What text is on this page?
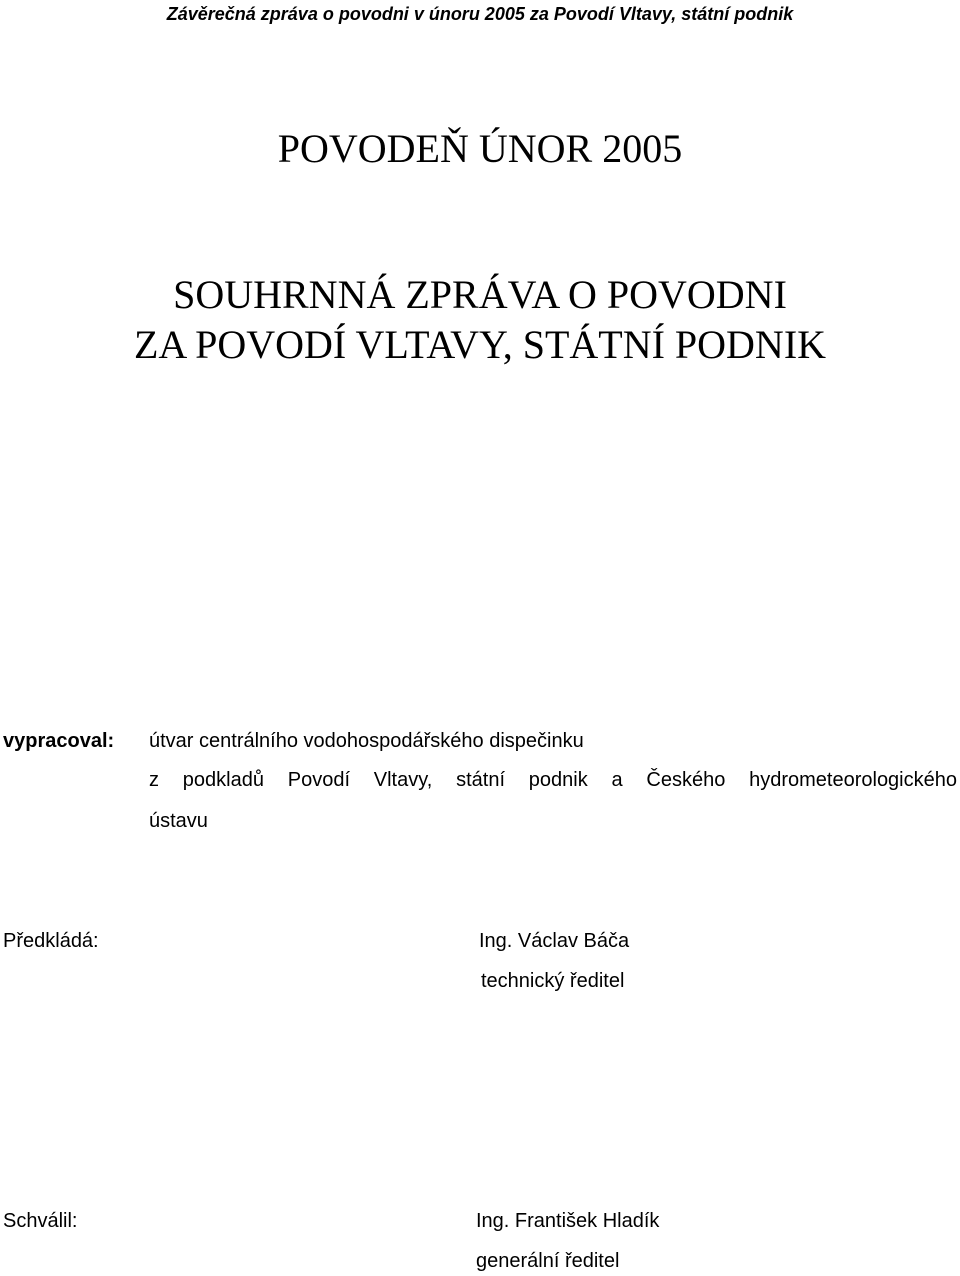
Závěrečná zpráva o povodni v únoru 2005 za Povodí Vltavy, státní podnik
POVODEŇ ÚNOR 2005
SOUHRNNÁ ZPRÁVA O POVODNI
ZA POVODÍ VLTAVY, STÁTNÍ PODNIK
vypracoval: útvar centrálního vodohospodářského dispečinku
z podkladů Povodí Vltavy, státní podnik a Českého hydrometeorologického
ústavu
Předkládá:	Ing. Václav Báča
technický ředitel
Schválil:	Ing. František Hladík
generální ředitel
